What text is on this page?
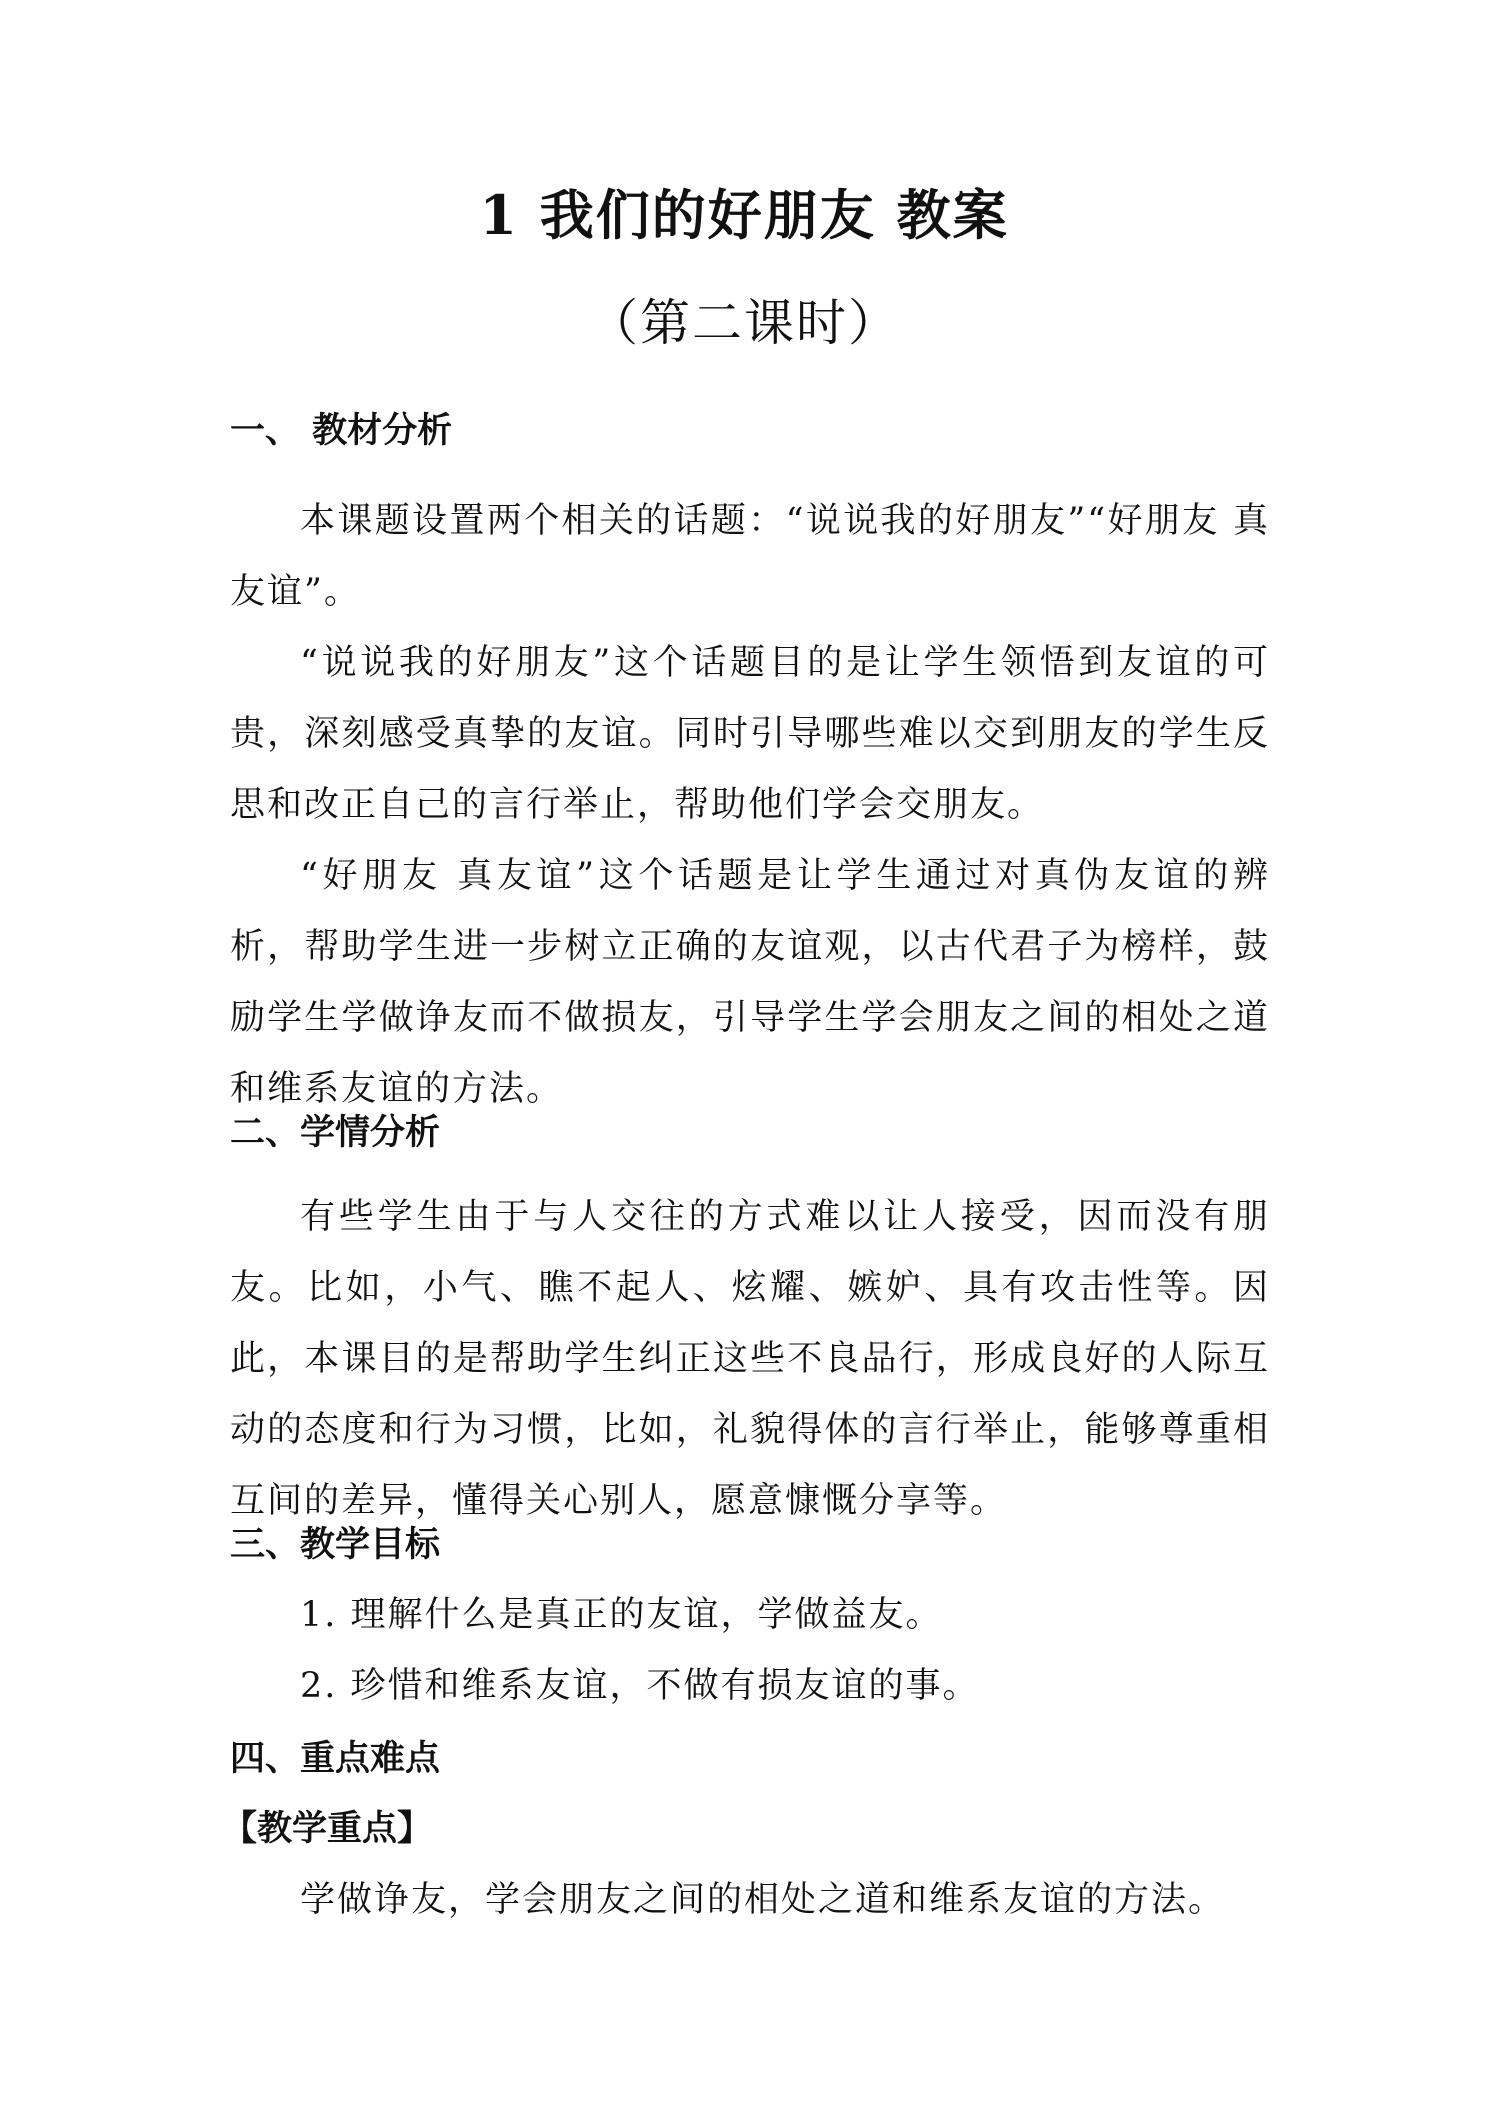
1 我们的好朋友 教案
（第二课时）
一、 教材分析

本课题设置两个相关的话题：“说说我的好朋友”“好朋友 真友谊”。

“说说我的好朋友”这个话题目的是让学生领悟到友谊的可贵，深刻感受真挚的友谊。同时引导哪些难以交到朋友的学生反思和改正自己的言行举止，帮助他们学会交朋友。

“好朋友 真友谊”这个话题是让学生通过对真伪友谊的辨析，帮助学生进一步树立正确的友谊观，以古代君子为榜样，鼓励学生学做诤友而不做损友，引导学生学会朋友之间的相处之道和维系友谊的方法。

二、学情分析

有些学生由于与人交往的方式难以让人接受，因而没有朋友。比如，小气、瞧不起人、炫耀、嫉妒、具有攻击性等。因此，本课目的是帮助学生纠正这些不良品行，形成良好的人际互动的态度和行为习惯，比如，礼貌得体的言行举止，能够尊重相互间的差异，懂得关心别人，愿意慷慨分享等。

三、教学目标
1. 理解什么是真正的友谊，学做益友。
2. 珍惜和维系友谊，不做有损友谊的事。
四、重点难点
【教学重点】

学做诤友，学会朋友之间的相处之道和维系友谊的方法。
